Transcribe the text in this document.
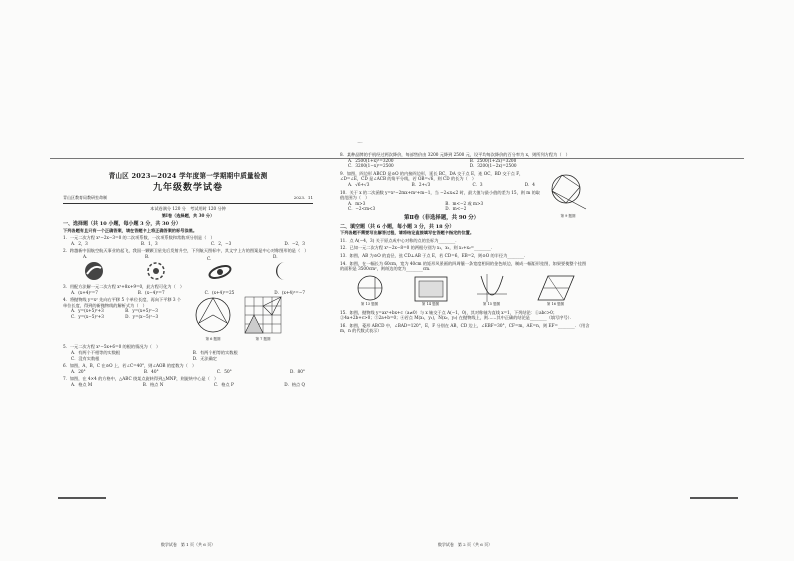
〜
青山区 2023—2024 学年度第一学期期中质量检测
九年级数学试卷
青山区教育局教研室命制	2023．11
本试卷满分 120 分　考试用时 120 分钟
第Ⅰ卷（选择题，共 30 分）
一、选择题（共 10 小题，每小题 3 分，共 30 分）
下列各题有且只有一个正确答案，请在答题卡上将正确答案的标号涂黑。
1．一元二次方程 x²−2x−3=0 的二次项系数、一次项系数和常数项分别是（　）
A．2，3	B．1，3	C．2，−3	D．−2，3
2．跨越新中国航空航天事业的起飞，我国一颗颗卫星先后发射升空，下列航天图标中，其文字上方的图案是中心对称图形的是（　）
A.	B.	C.	D.
3．用配方法解一元二次方程 x²+8x+9=0，此方程可化为（　）
A．(x+4)²=7	B．(x−4)²=7	C．(x+4)²=25	D．(x+4)²=−7
4．将抛物线 y=x² 先向右平移 5 个单位长度，再向下平移 3 个单位长度，得到的新抛物线的解析式为（　）
A．y=(x+5)²+3	B．y=(x+5)²−3
C．y=(x−5)²+3	D．y=(x−5)²−3
第 6 题图	第 7 题图
5．一元二次方程 x²−5x+6=0 的根的情况为（　）
A．有两个不相等的实数根	B．有两个相等的实数根
C．没有实数根	D．无法确定
6．如图，A，B，C 在⊙O 上，若∠C=40°，则∠AOB 的度数为（　）
A．20°	B．40°	C．50°	D．80°
7．如图，在 4×4 的方格中，△ABC 绕某点旋转得到△MNP，则旋转中心是（　）
A．格点 M	B．格点 N	C．格点 P	D．格点 Q
数学试卷　第 1 页（共 6 页）
8．某种品牌的手机经过两次降价，每部售价由 3200 元降到 2500 元，设平均每次降价的百分率为 x，则所列方程为（　）
A．2500(1+x)²=3200	B．2500(1+2x)=3200
C．3200(1−x)²=2500	D．3200(1−2x)=2500
第 9 题图
9．如图，四边形 ABCD 是⊙O 的内接四边形，延长 BC，DA 交于点 E，连 OC，BD 交于点 F，∠D=∠E，CD 是∠ACB 的角平分线，若 OB=√6，则 CD 的长为（　）
A．√6+√3	B．2+√3	C．3	D．4
10．关于 x 的二次函数 y=x²−2mx+m²+m−1，当 −2≤x≤2 时，最大值与最小值的差为 15，则 m 的取值范围为（　）
A．m>3	B．m<−2 或 m>3
C．−2<m<3	D．m<−2
第Ⅱ卷（非选择题，共 90 分）
二、填空题（共 6 小题，每小题 3 分，共 18 分）
下列各题不需要写出解答过程，请将结论直接填写在答题卡指定的位置。
11．点 A(−4，3) 关于原点成中心对称的点的坐标为________．
12．已知一元二次方程 x²−2x−8=0 的两根分别为 x₁，x₂，则 x₁+x₂=________．
13．如图，AB 为⊙O 的直径，弦 CD⊥AB 于点 E，若 CD=6，EB=2，则⊙O 的半径为________．
14．如图，在一幅长为 60cm，宽为 40cm 的矩形风景画的四周镶一条宽度相同的金色纸边，制成一幅矩形挂图，如果要使整个挂图的面积是 3500cm²，则纸边的宽为________cm．
第 13 题图	第 14 题图	第 15 题图	第 16 题图
15．如图，抛物线 y=ax²+bx+c（a≠0）与 x 轴交于点 A(−1，0)，其对称轴为直线 x=1，下列结论：①abc>0；②4a+2b+c>0；③2a+b=0；④若点 M(x₁，y₁)，N(x₂，y₂) 在抛物线上，则……其中正确的结论是________（填写序号）．
16．如图，菱形 ABCD 中，∠BAD=120°，E，F 分别在 AB，CD 边上，∠EBF=30°，CF=m，AE=n，则 EF=________．（用含 m，n 的代数式表示）
数学试卷　第 2 页（共 6 页）
